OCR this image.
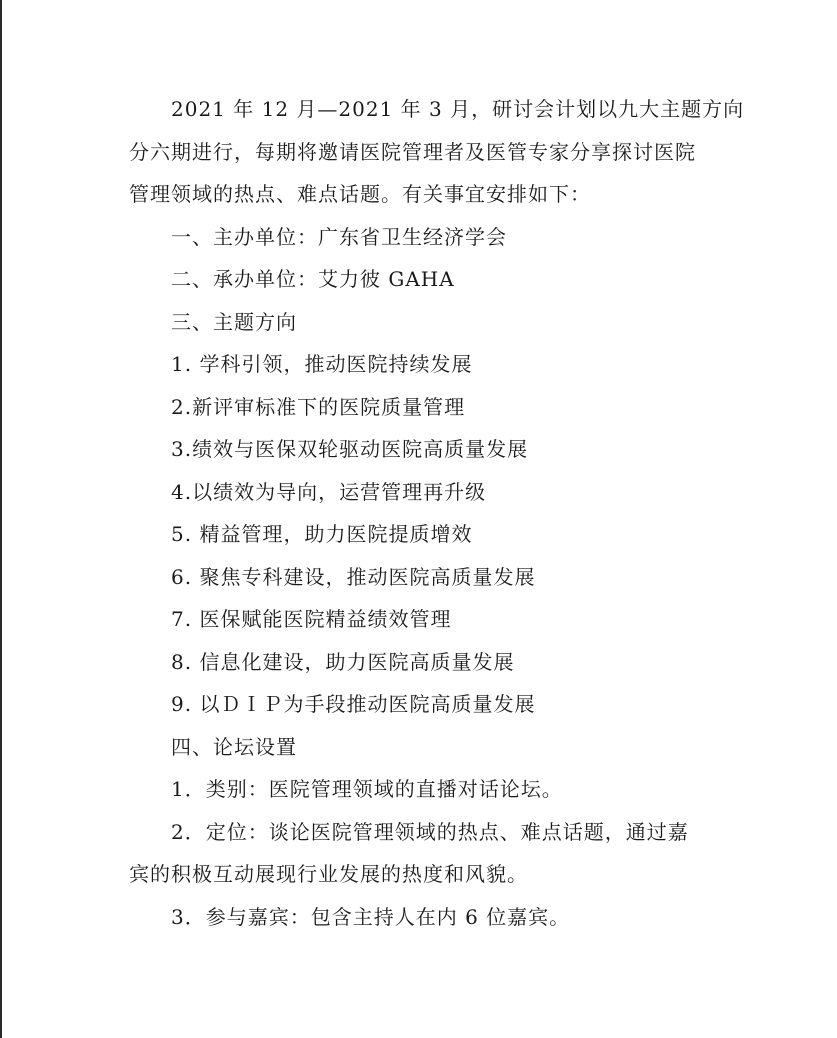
2021 年 12 月—2021 年 3 月，研讨会计划以九大主题方向
分六期进行，每期将邀请医院管理者及医管专家分享探讨医院
管理领域的热点、难点话题。有关事宜安排如下：
一、主办单位：广东省卫生经济学会
二、承办单位：艾力彼 GAHA
三、主题方向
1. 学科引领，推动医院持续发展
2.新评审标准下的医院质量管理
3.绩效与医保双轮驱动医院高质量发展
4.以绩效为导向，运营管理再升级
5. 精益管理，助力医院提质增效
6. 聚焦专科建设，推动医院高质量发展
7. 医保赋能医院精益绩效管理
8. 信息化建设，助力医院高质量发展
9. 以ＤＩＰ为手段推动医院高质量发展
四、论坛设置
1．类别：医院管理领域的直播对话论坛。
2．定位：谈论医院管理领域的热点、难点话题，通过嘉
宾的积极互动展现行业发展的热度和风貌。
3．参与嘉宾：包含主持人在内 6 位嘉宾。
